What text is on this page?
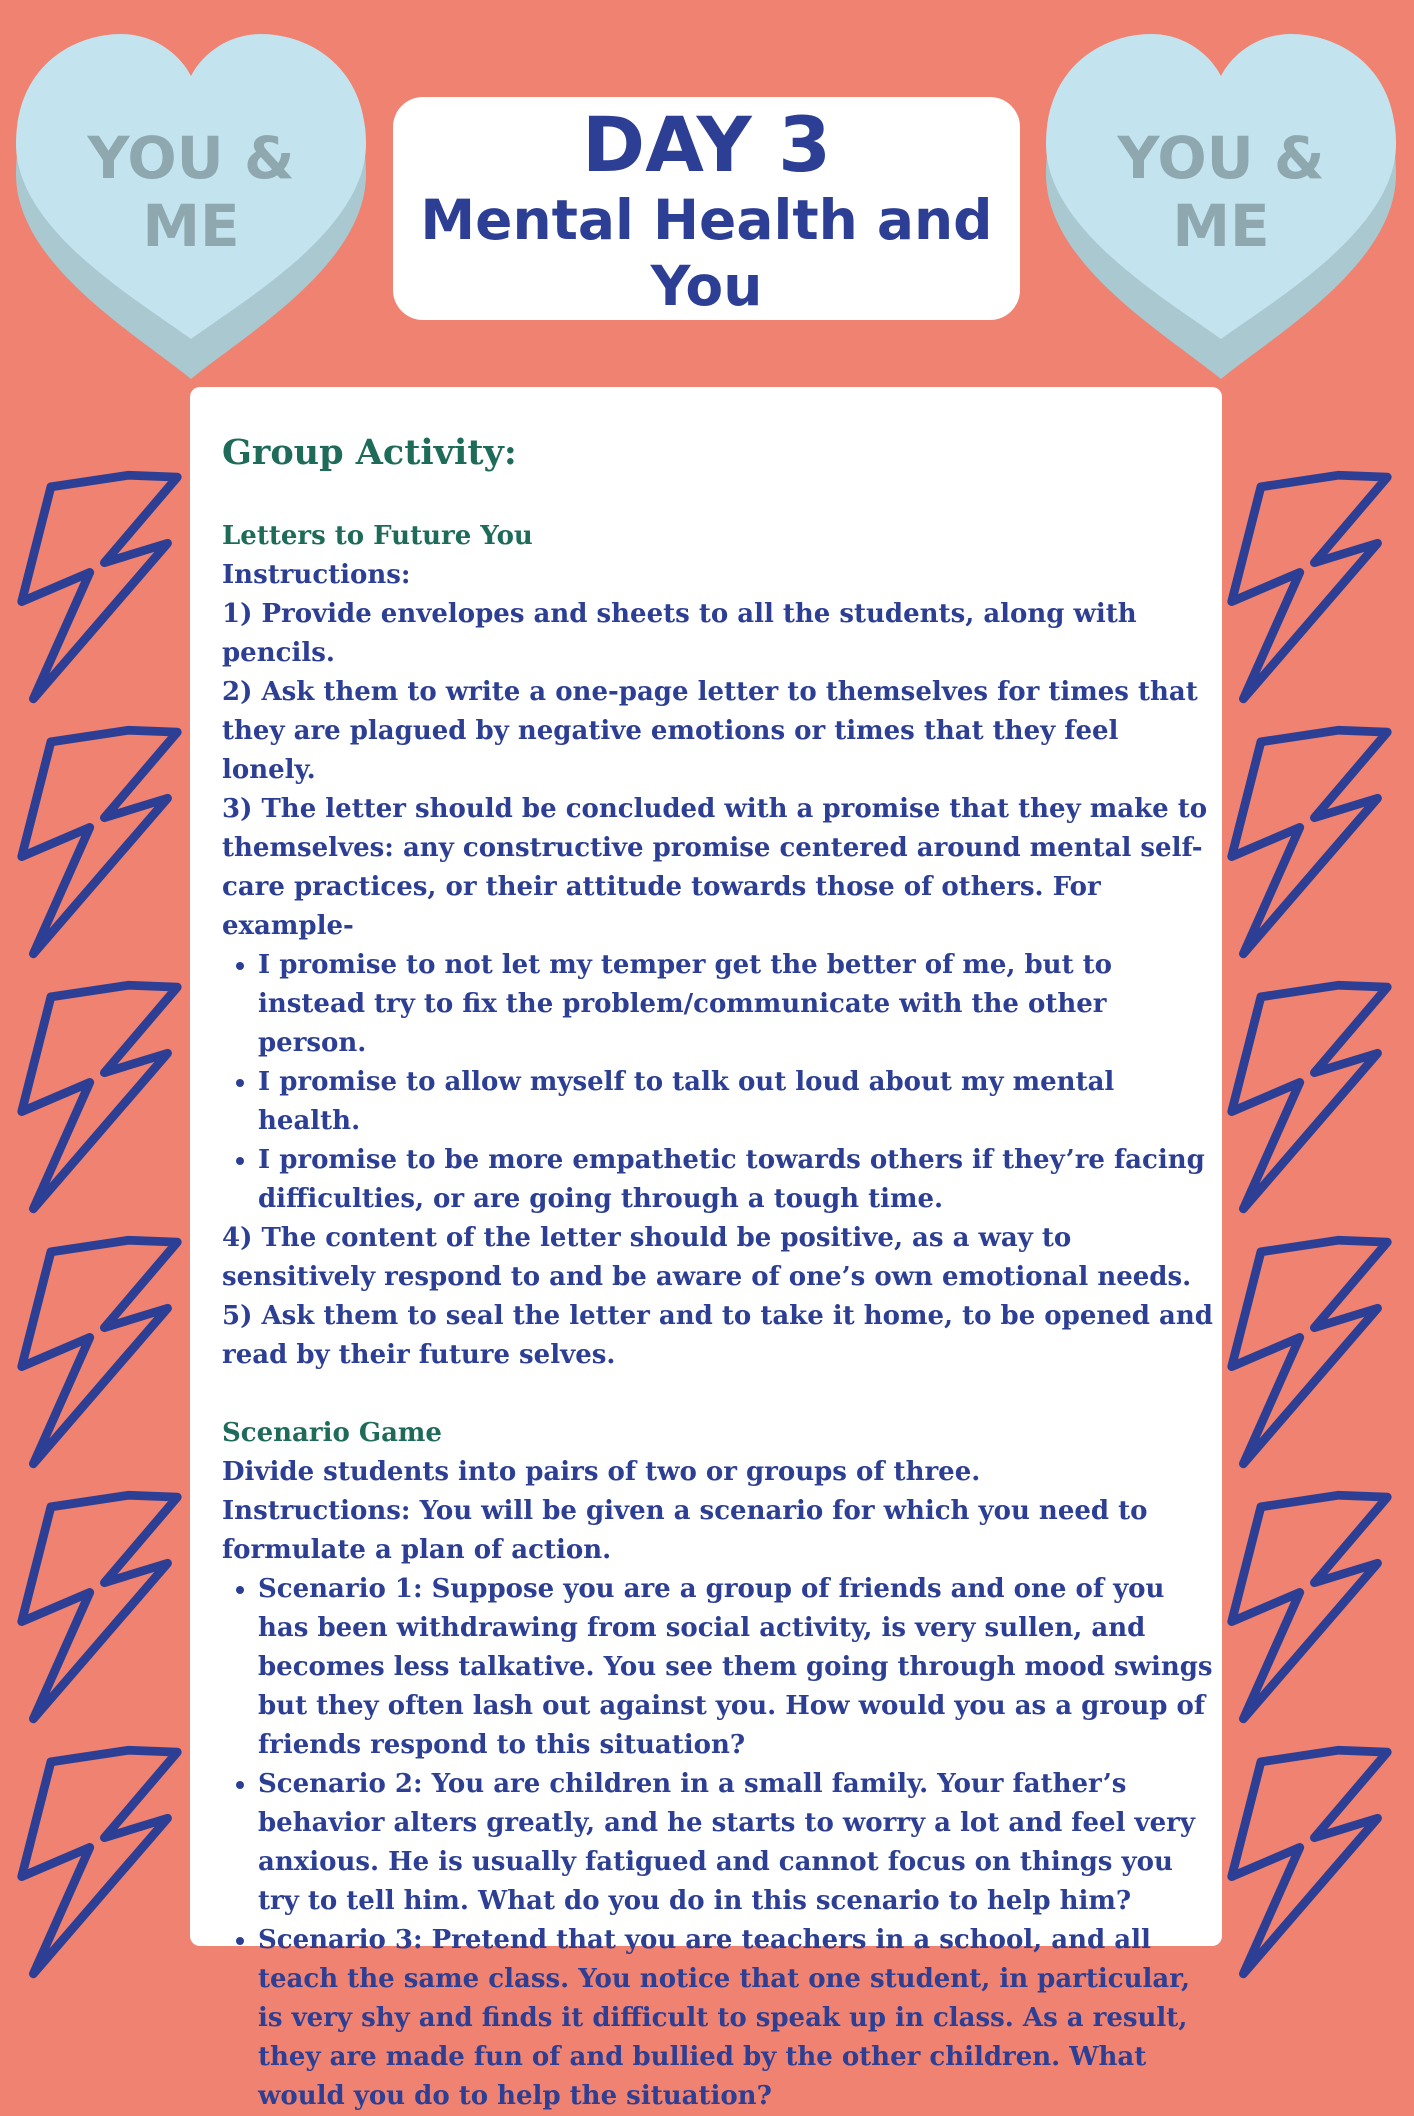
YOU &
ME
YOU &
ME
DAY 3
Mental Health and You
Group Activity:
Letters to Future You

Instructions:

1) Provide envelopes and sheets to all the students, along with pencils.

2) Ask them to write a one-page letter to themselves for times that they are plagued by negative emotions or times that they feel lonely.

3) The letter should be concluded with a promise that they make to themselves: any constructive promise centered around mental self-care practices, or their attitude towards those of others. For example-

• I promise to not let my temper get the better of me, but to instead try to fix the problem/communicate with the other person.
• I promise to allow myself to talk out loud about my mental health.
• I promise to be more empathetic towards others if they’re facing difficulties, or are going through a tough time.

4) The content of the letter should be positive, as a way to sensitively respond to and be aware of one’s own emotional needs.

5) Ask them to seal the letter and to take it home, to be opened and read by their future selves.

Scenario Game

Divide students into pairs of two or groups of three.

Instructions: You will be given a scenario for which you need to formulate a plan of action.

• Scenario 1: Suppose you are a group of friends and one of you has been withdrawing from social activity, is very sullen, and becomes less talkative. You see them going through mood swings but they often lash out against you. How would you as a group of friends respond to this situation?
• Scenario 2: You are children in a small family. Your father’s behavior alters greatly, and he starts to worry a lot and feel very anxious. He is usually fatigued and cannot focus on things you try to tell him. What do you do in this scenario to help him?
• Scenario 3: Pretend that you are teachers in a school, and all teach the same class. You notice that one student, in particular, is very shy and finds it difficult to speak up in class. As a result, they are made fun of and bullied by the other children. What would you do to help the situation?
